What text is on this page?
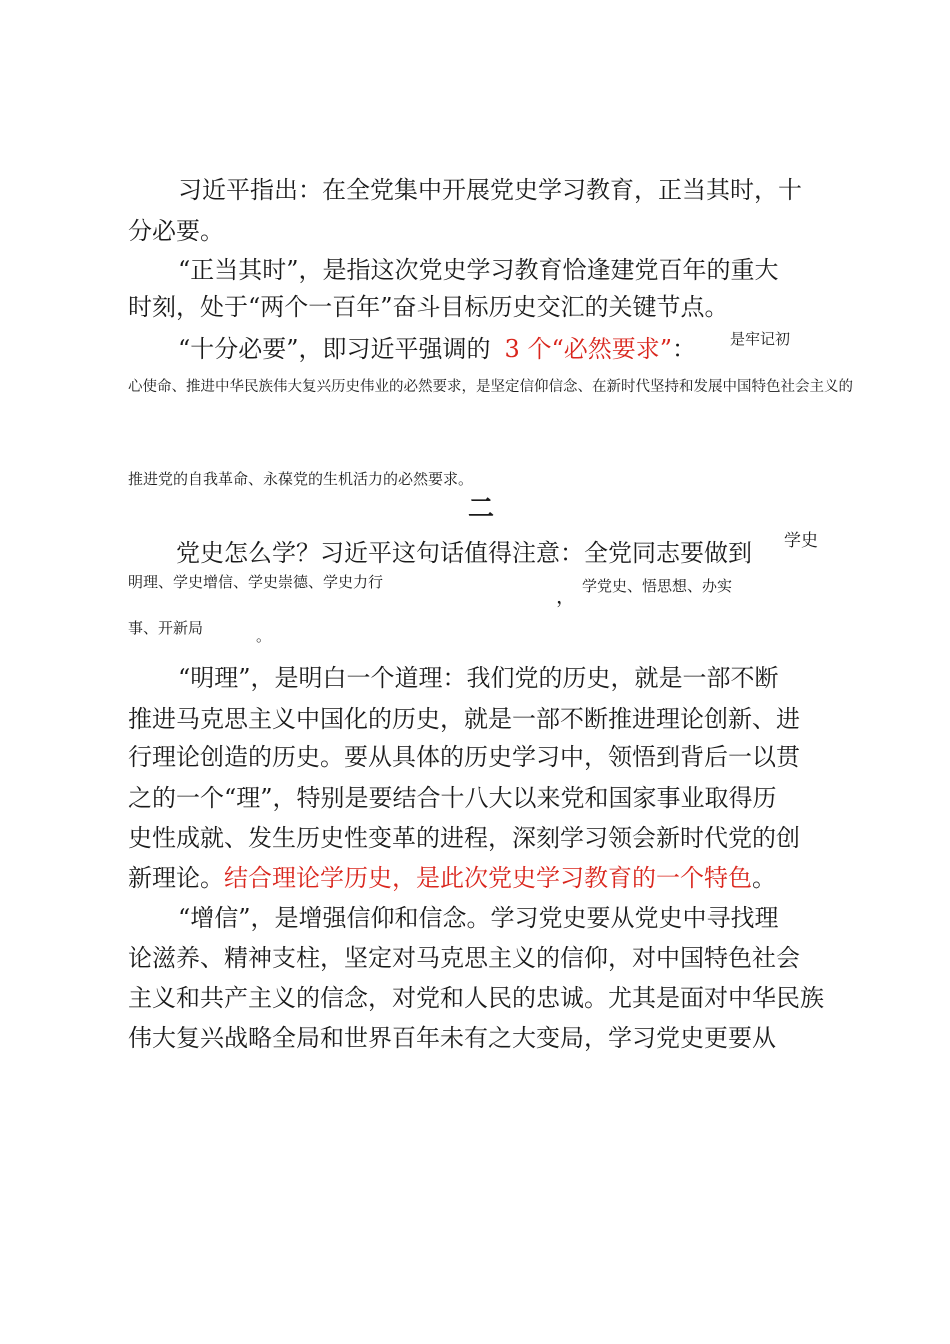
习近平指出：在全党集中开展党史学习教育，正当其时，十
分必要。
“正当其时”，是指这次党史学习教育恰逢建党百年的重大
时刻，处于“两个一百年”奋斗目标历史交汇的关键节点。
“十分必要”，即习近平强调的 3 个“必然要求”： 是牢记初
心使命、推进中华民族伟大复兴历史伟业的必然要求，是坚定信仰信念、在新时代坚持和发展中国特色社会主义的
推进党的自我革命、永葆党的生机活力的必然要求。
二
党史怎么学？习近平这句话值得注意：全党同志要做到 学史
明理、学史增信、学史崇德、学史力行
， 学党史、悟思想、办实
事、开新局	。
“明理”，是明白一个道理：我们党的历史，就是一部不断
推进马克思主义中国化的历史，就是一部不断推进理论创新、进
行理论创造的历史。要从具体的历史学习中，领悟到背后一以贯
之的一个“理”，特别是要结合十八大以来党和国家事业取得历
史性成就、发生历史性变革的进程，深刻学习领会新时代党的创
新理论。结合理论学历史，是此次党史学习教育的一个特色。
“增信”，是增强信仰和信念。学习党史要从党史中寻找理
论滋养、精神支柱，坚定对马克思主义的信仰，对中国特色社会
主义和共产主义的信念，对党和人民的忠诚。尤其是面对中华民族
伟大复兴战略全局和世界百年未有之大变局，学习党史更要从
